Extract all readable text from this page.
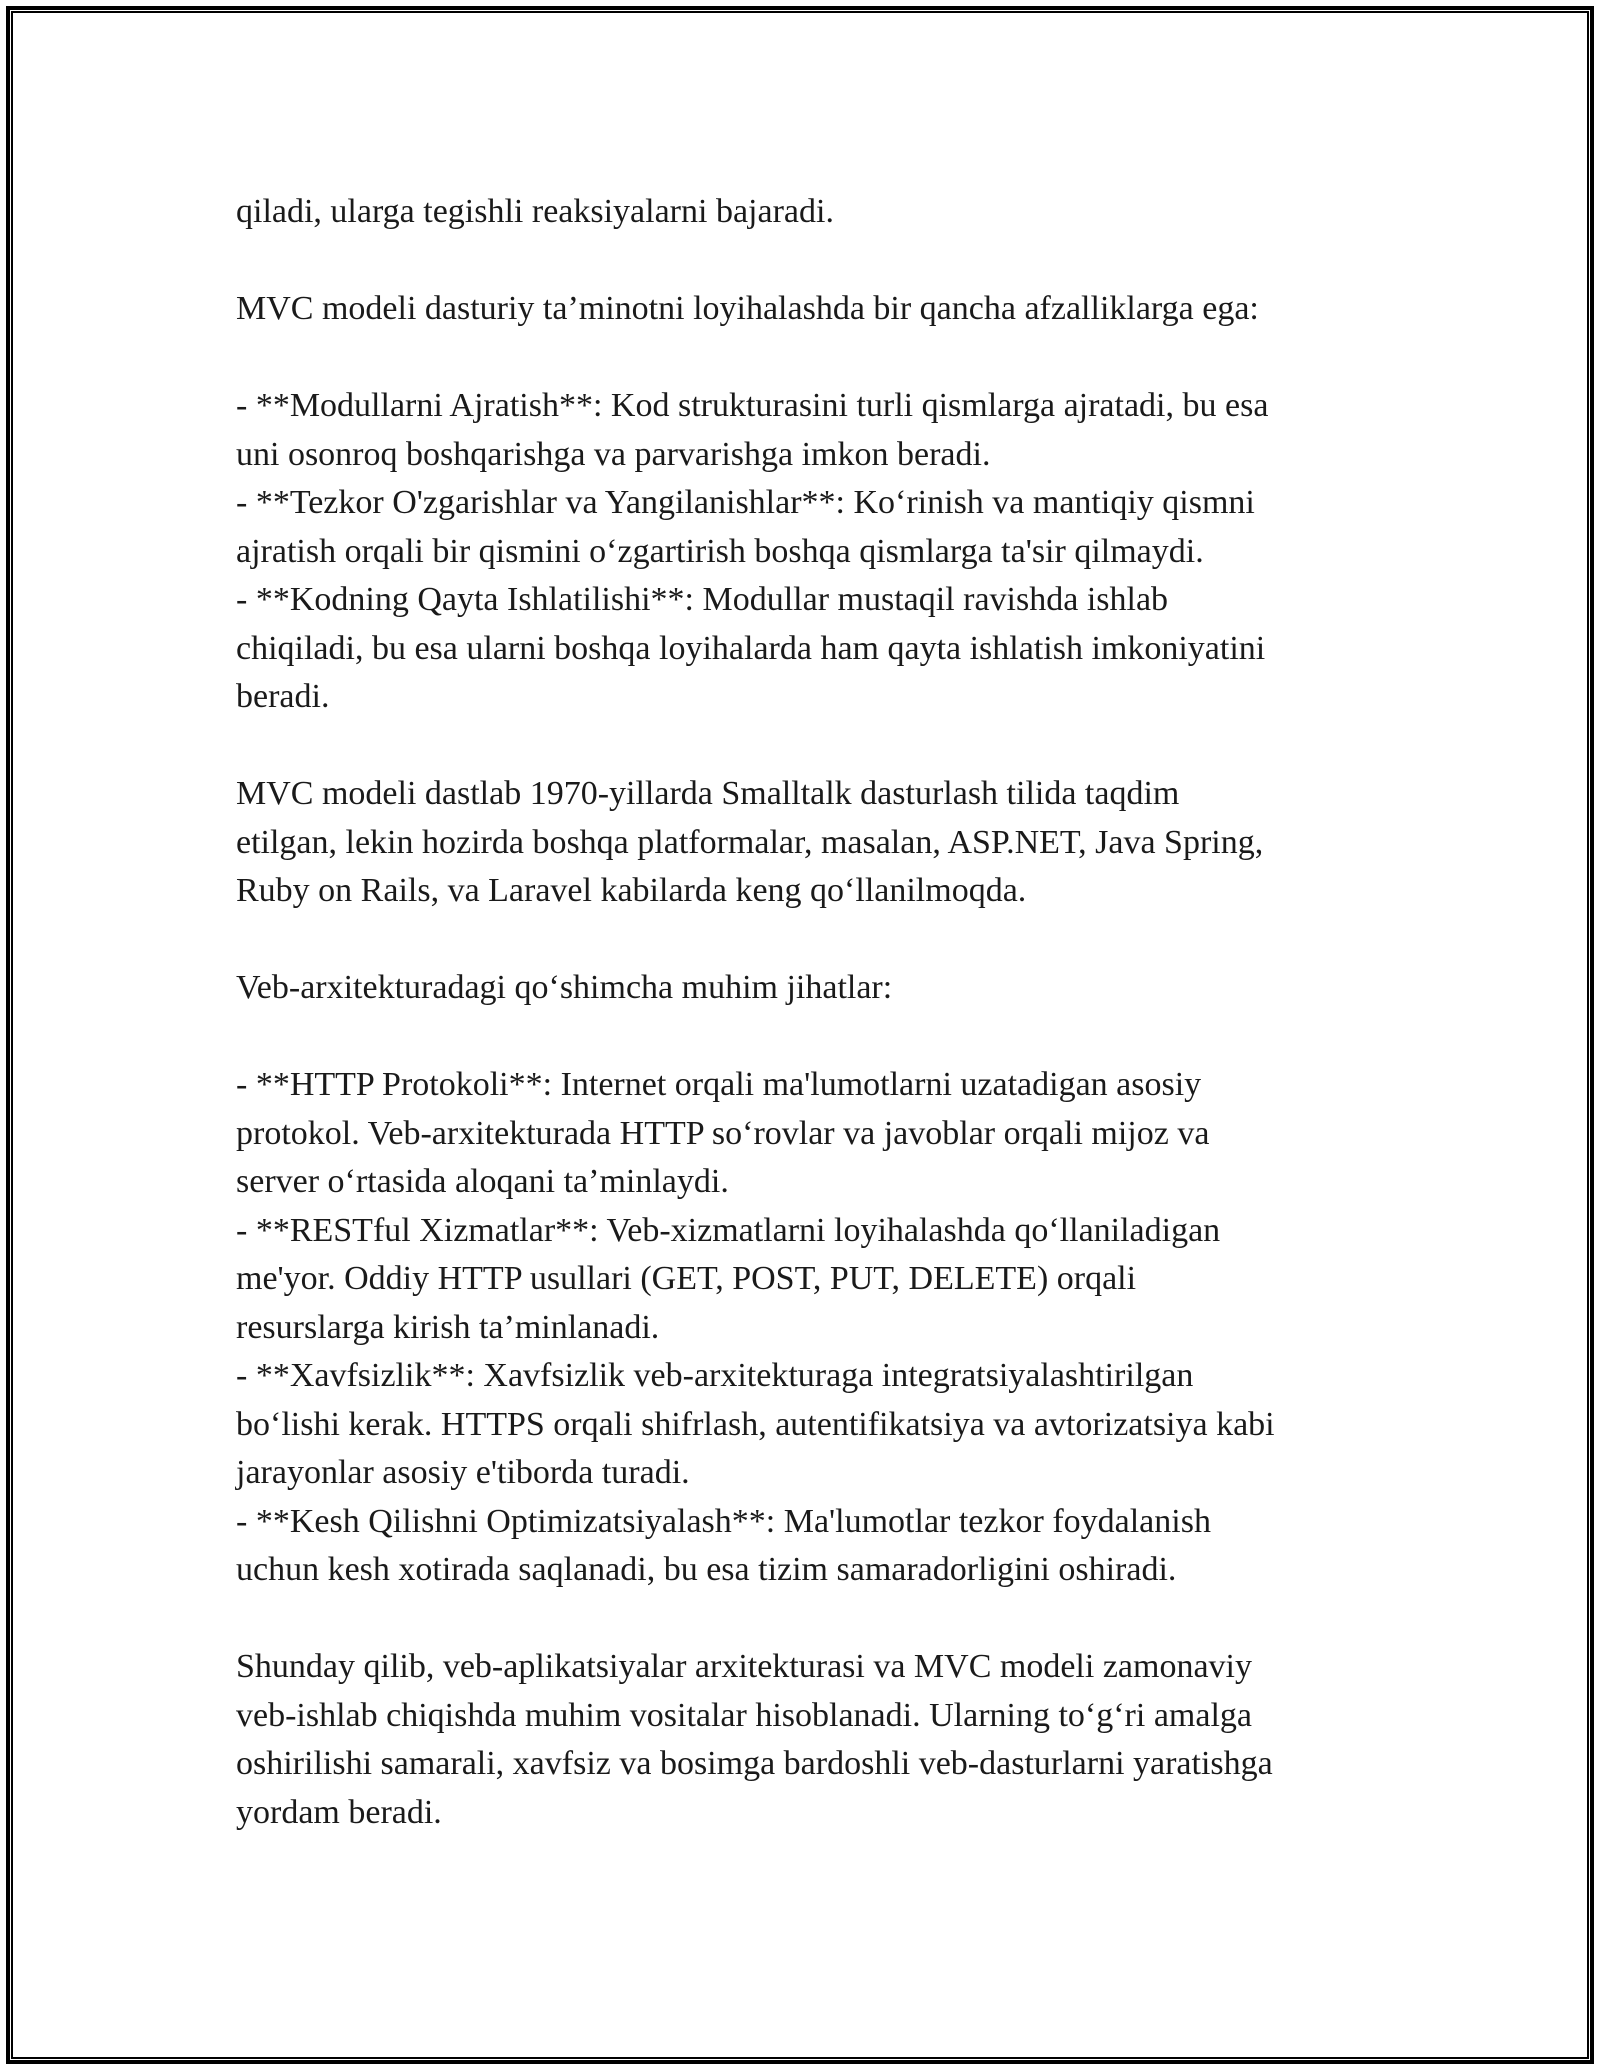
qiladi, ularga tegishli reaksiyalarni bajaradi.
MVC modeli dasturiy ta’minotni loyihalashda bir qancha afzalliklarga ega:
- **Modullarni Ajratish**: Kod strukturasini turli qismlarga ajratadi, bu esa
uni osonroq boshqarishga va parvarishga imkon beradi.
- **Tezkor O'zgarishlar va Yangilanishlar**: Koʻrinish va mantiqiy qismni
ajratish orqali bir qismini oʻzgartirish boshqa qismlarga ta'sir qilmaydi.
- **Kodning Qayta Ishlatilishi**: Modullar mustaqil ravishda ishlab
chiqiladi, bu esa ularni boshqa loyihalarda ham qayta ishlatish imkoniyatini
beradi.
MVC modeli dastlab 1970-yillarda Smalltalk dasturlash tilida taqdim
etilgan, lekin hozirda boshqa platformalar, masalan, ASP.NET, Java Spring,
Ruby on Rails, va Laravel kabilarda keng qoʻllanilmoqda.
Veb-arxitekturadagi qoʻshimcha muhim jihatlar:
- **HTTP Protokoli**: Internet orqali ma'lumotlarni uzatadigan asosiy
protokol. Veb-arxitekturada HTTP soʻrovlar va javoblar orqali mijoz va
server oʻrtasida aloqani ta’minlaydi.
- **RESTful Xizmatlar**: Veb-xizmatlarni loyihalashda qoʻllaniladigan
me'yor. Oddiy HTTP usullari (GET, POST, PUT, DELETE) orqali
resurslarga kirish ta’minlanadi.
- **Xavfsizlik**: Xavfsizlik veb-arxitekturaga integratsiyalashtirilgan
boʻlishi kerak. HTTPS orqali shifrlash, autentifikatsiya va avtorizatsiya kabi
jarayonlar asosiy e'tiborda turadi.
- **Kesh Qilishni Optimizatsiyalash**: Ma'lumotlar tezkor foydalanish
uchun kesh xotirada saqlanadi, bu esa tizim samaradorligini oshiradi.
Shunday qilib, veb-aplikatsiyalar arxitekturasi va MVC modeli zamonaviy
veb-ishlab chiqishda muhim vositalar hisoblanadi. Ularning toʻgʻri amalga
oshirilishi samarali, xavfsiz va bosimga bardoshli veb-dasturlarni yaratishga
yordam beradi.
